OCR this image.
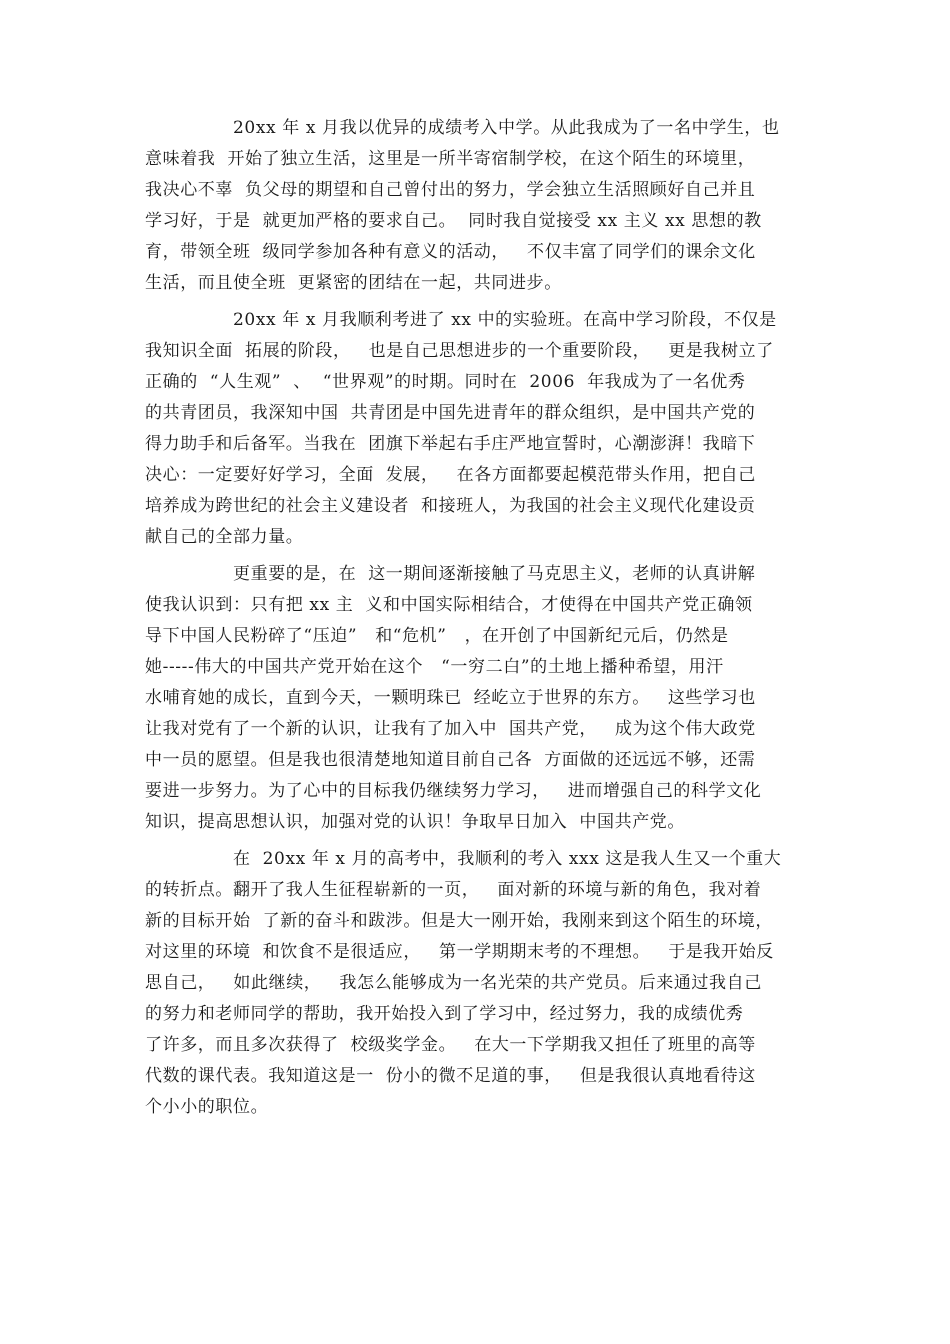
20xx 年 x 月我以优异的成绩考入中学。从此我成为了一名中学生，也
意味着我  开始了独立生活，这里是一所半寄宿制学校，在这个陌生的环境里，
我决心不辜  负父母的期望和自己曾付出的努力，学会独立生活照顾好自己并且
学习好，于是  就更加严格的要求自己。  同时我自觉接受 xx 主义 xx 思想的教
育，带领全班  级同学参加各种有意义的活动，   不仅丰富了同学们的课余文化
生活，而且使全班  更紧密的团结在一起，共同进步。
20xx 年 x 月我顺利考进了 xx 中的实验班。在高中学习阶段，不仅是
我知识全面  拓展的阶段，   也是自己思想进步的一个重要阶段，   更是我树立了
正确的  “人生观”  、  “世界观”的时期。同时在  2006  年我成为了一名优秀
的共青团员，我深知中国  共青团是中国先进青年的群众组织，是中国共产党的
得力助手和后备军。当我在  团旗下举起右手庄严地宣誓时，心潮澎湃！我暗下
决心：一定要好好学习，全面  发展，   在各方面都要起模范带头作用，把自己
培养成为跨世纪的社会主义建设者  和接班人，为我国的社会主义现代化建设贡
献自己的全部力量。
更重要的是，在  这一期间逐渐接触了马克思主义，老师的认真讲解
使我认识到：只有把 xx 主  义和中国实际相结合，才使得在中国共产党正确领
导下中国人民粉碎了“压迫”   和“危机”   ，在开创了中国新纪元后，仍然是
她-----伟大的中国共产党开始在这个   “一穷二白”的土地上播种希望，用汗
水哺育她的成长，直到今天，一颗明珠已  经屹立于世界的东方。   这些学习也
让我对党有了一个新的认识，让我有了加入中  国共产党，   成为这个伟大政党
中一员的愿望。但是我也很清楚地知道目前自己各  方面做的还远远不够，还需
要进一步努力。为了心中的目标我仍继续努力学习，   进而增强自己的科学文化
知识，提高思想认识，加强对党的认识！争取早日加入  中国共产党。
在  20xx 年 x 月的高考中，我顺利的考入 xxx 这是我人生又一个重大
的转折点。翻开了我人生征程崭新的一页，   面对新的环境与新的角色，我对着
新的目标开始  了新的奋斗和跋涉。但是大一刚开始，我刚来到这个陌生的环境，
对这里的环境  和饮食不是很适应，   第一学期期末考的不理想。   于是我开始反
思自己，   如此继续，   我怎么能够成为一名光荣的共产党员。后来通过我自己
的努力和老师同学的帮助，我开始投入到了学习中，经过努力，我的成绩优秀
了许多，而且多次获得了  校级奖学金。   在大一下学期我又担任了班里的高等
代数的课代表。我知道这是一  份小的微不足道的事，   但是我很认真地看待这
个小小的职位。
